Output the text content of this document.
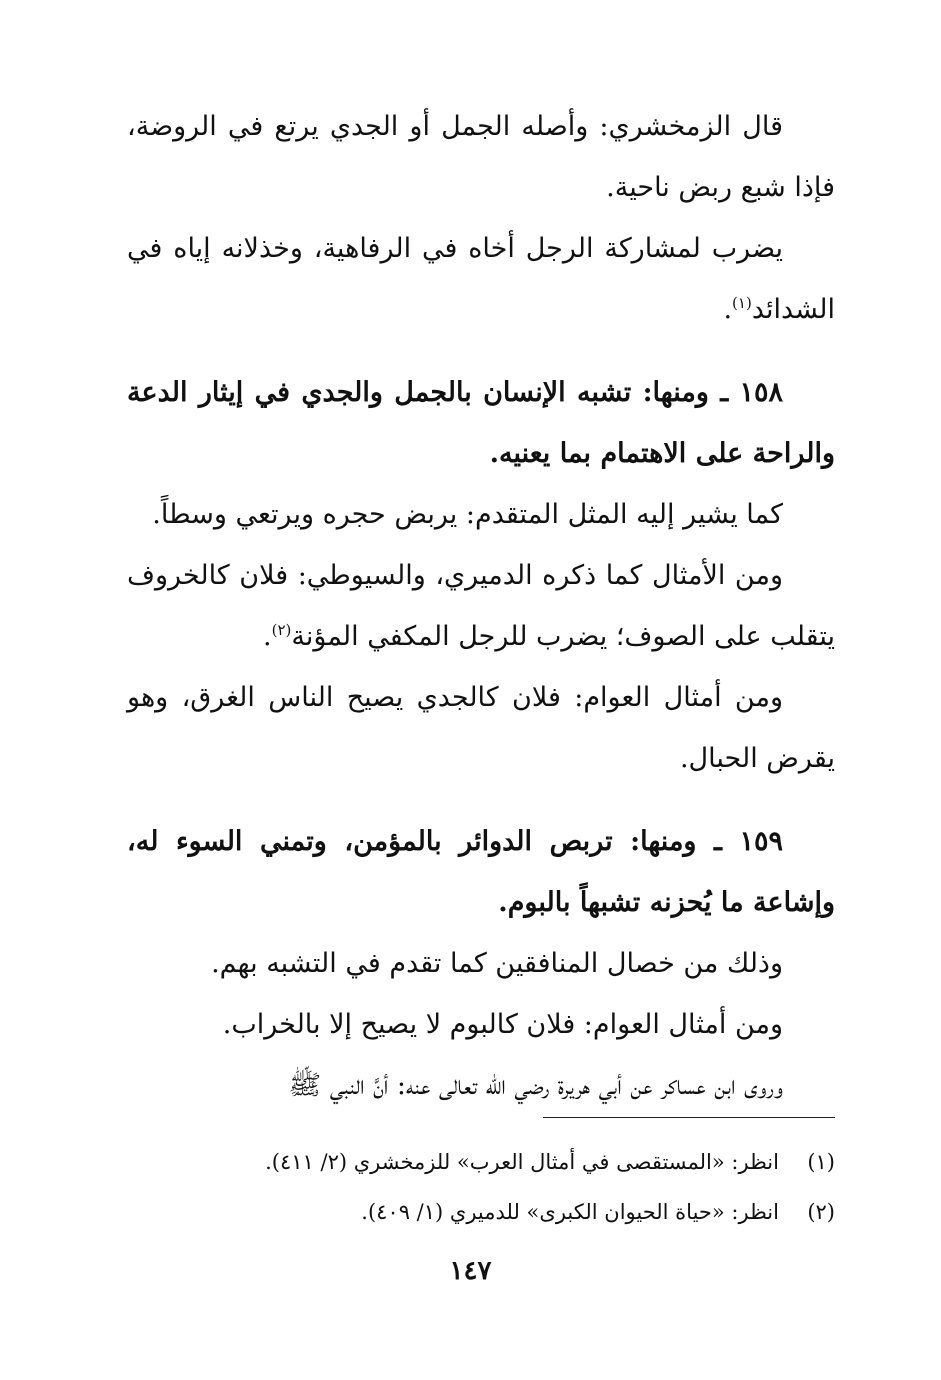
قال الزمخشري: وأصله الجمل أو الجدي يرتع في الروضة، فإذا شبع ربض ناحية.

يضرب لمشاركة الرجل أخاه في الرفاهية، وخذلانه إياه في الشدائد$^{(١)}$.

١٥٨ ـ ومنها: تشبه الإنسان بالجمل والجدي في إيثار الدعة والراحة على الاهتمام بما يعنيه.

كما يشير إليه المثل المتقدم: يربض حجره ويرتعي وسطاً.

ومن الأمثال كما ذكره الدميري، والسيوطي: فلان كالخروف يتقلب على الصوف؛ يضرب للرجل المكفي المؤنة$^{(٢)}$.

ومن أمثال العوام: فلان كالجدي يصيح الناس الغرق، وهو يقرض الحبال.

١٥٩ ـ ومنها: تربص الدوائر بالمؤمن، وتمني السوء له، وإشاعة ما يُحزنه تشبهاً بالبوم.

وذلك من خصال المنافقين كما تقدم في التشبه بهم.

ومن أمثال العوام: فلان كالبوم لا يصيح إلا بالخراب.

وروى ابن عساكر عن أبي هريرة رضي الله تعالى عنه: أنَّ النبي ﷺ

(١)
انظر: «المستقصى في أمثال العرب» للزمخشري (٢/ ٤١١).

(٢)
انظر: «حياة الحيوان الكبرى» للدميري (١/ ٤٠٩).

١٤٧
